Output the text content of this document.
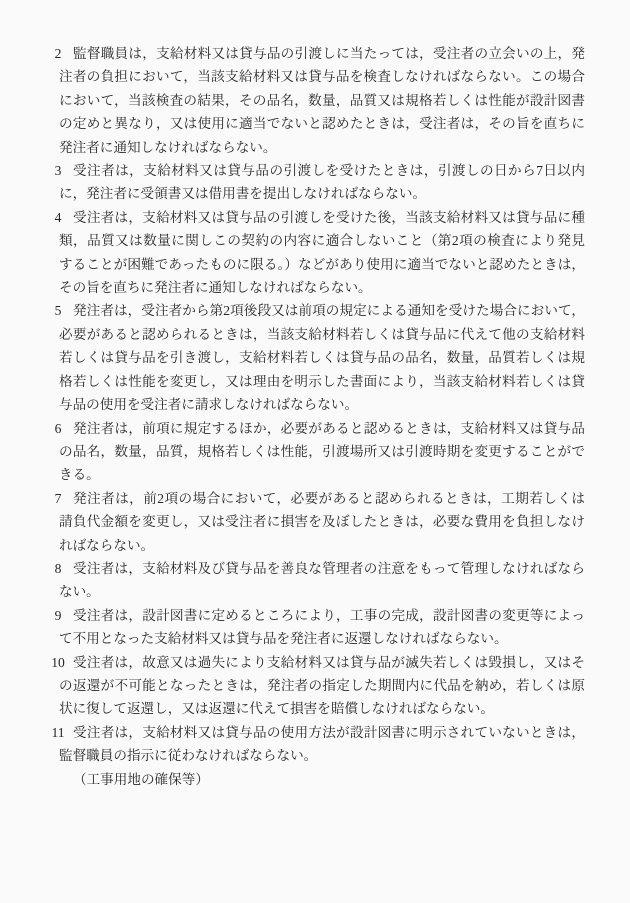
2 監督職員は，支給材料又は貸与品の引渡しに当たっては，受注者の立会いの上，発
注者の負担において，当該支給材料又は貸与品を検査しなければならない。この場合
において，当該検査の結果，その品名，数量，品質又は規格若しくは性能が設計図書
の定めと異なり，又は使用に適当でないと認めたときは，受注者は，その旨を直ちに
発注者に通知しなければならない。
3 受注者は，支給材料又は貸与品の引渡しを受けたときは，引渡しの日から7日以内
に，発注者に受領書又は借用書を提出しなければならない。
4 受注者は，支給材料又は貸与品の引渡しを受けた後，当該支給材料又は貸与品に種
類，品質又は数量に関しこの契約の内容に適合しないこと（第2項の検査により発見
することが困難であったものに限る。）などがあり使用に適当でないと認めたときは，
その旨を直ちに発注者に通知しなければならない。
5 発注者は，受注者から第2項後段又は前項の規定による通知を受けた場合において，
必要があると認められるときは，当該支給材料若しくは貸与品に代えて他の支給材料
若しくは貸与品を引き渡し，支給材料若しくは貸与品の品名，数量，品質若しくは規
格若しくは性能を変更し，又は理由を明示した書面により，当該支給材料若しくは貸
与品の使用を受注者に請求しなければならない。
6 発注者は，前項に規定するほか，必要があると認めるときは，支給材料又は貸与品
の品名，数量，品質，規格若しくは性能，引渡場所又は引渡時期を変更することがで
きる。
7 発注者は，前2項の場合において，必要があると認められるときは，工期若しくは
請負代金額を変更し，又は受注者に損害を及ぼしたときは，必要な費用を負担しなけ
ればならない。
8 受注者は，支給材料及び貸与品を善良な管理者の注意をもって管理しなければなら
ない。
9 受注者は，設計図書に定めるところにより，工事の完成，設計図書の変更等によっ
て不用となった支給材料又は貸与品を発注者に返還しなければならない。
10 受注者は，故意又は過失により支給材料又は貸与品が滅失若しくは毀損し，又はそ
の返還が不可能となったときは，発注者の指定した期間内に代品を納め，若しくは原
状に復して返還し，又は返還に代えて損害を賠償しなければならない。
11 受注者は，支給材料又は貸与品の使用方法が設計図書に明示されていないときは，
監督職員の指示に従わなければならない。
（工事用地の確保等）
